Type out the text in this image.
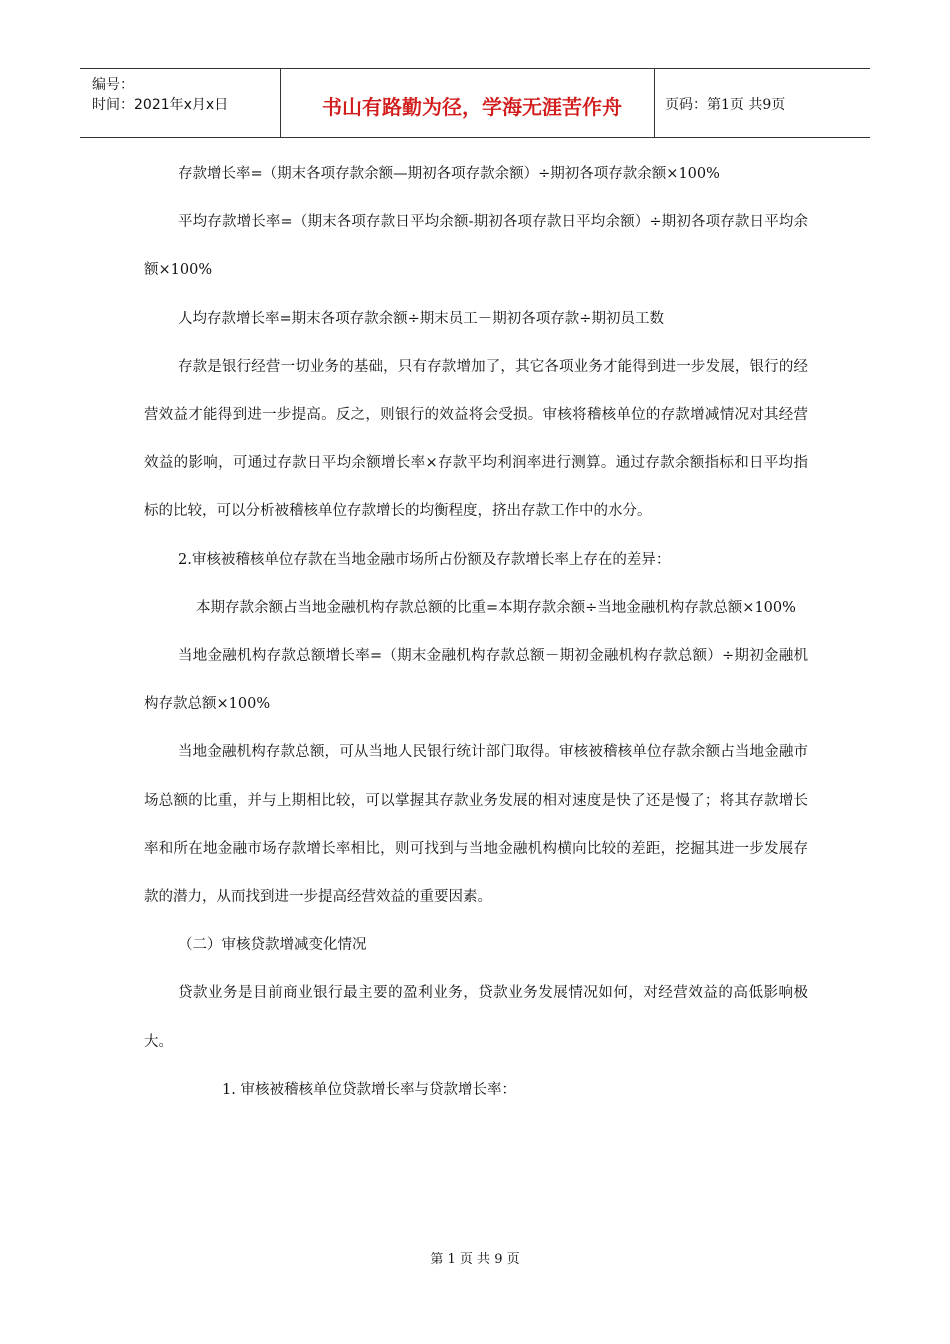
编号：
时间：2021年x月x日	书山有路勤为径，学海无涯苦作舟	页码：第1页 共9页

存款增长率=（期末各项存款余额—期初各项存款余额）÷期初各项存款余额×100%

平均存款增长率=（期末各项存款日平均余额-期初各项存款日平均余额）÷期初各项存款日平均余额×100%

人均存款增长率=期末各项存款余额÷期末员工－期初各项存款÷期初员工数

存款是银行经营一切业务的基础，只有存款增加了，其它各项业务才能得到进一步发展，银行的经营效益才能得到进一步提高。反之，则银行的效益将会受损。审核将稽核单位的存款增减情况对其经营效益的影响，可通过存款日平均余额增长率×存款平均利润率进行测算。通过存款余额指标和日平均指标的比较，可以分析被稽核单位存款增长的均衡程度，挤出存款工作中的水分。

2.审核被稽核单位存款在当地金融市场所占份额及存款增长率上存在的差异：

本期存款余额占当地金融机构存款总额的比重=本期存款余额÷当地金融机构存款总额×100%

当地金融机构存款总额增长率=（期末金融机构存款总额－期初金融机构存款总额）÷期初金融机构存款总额×100%

当地金融机构存款总额，可从当地人民银行统计部门取得。审核被稽核单位存款余额占当地金融市场总额的比重，并与上期相比较，可以掌握其存款业务发展的相对速度是快了还是慢了；将其存款增长率和所在地金融市场存款增长率相比，则可找到与当地金融机构横向比较的差距，挖掘其进一步发展存款的潜力，从而找到进一步提高经营效益的重要因素。

（二）审核贷款增减变化情况

贷款业务是目前商业银行最主要的盈利业务，贷款业务发展情况如何，对经营效益的高低影响极大。

1. 审核被稽核单位贷款增长率与贷款增长率：

第 1 页 共 9 页
